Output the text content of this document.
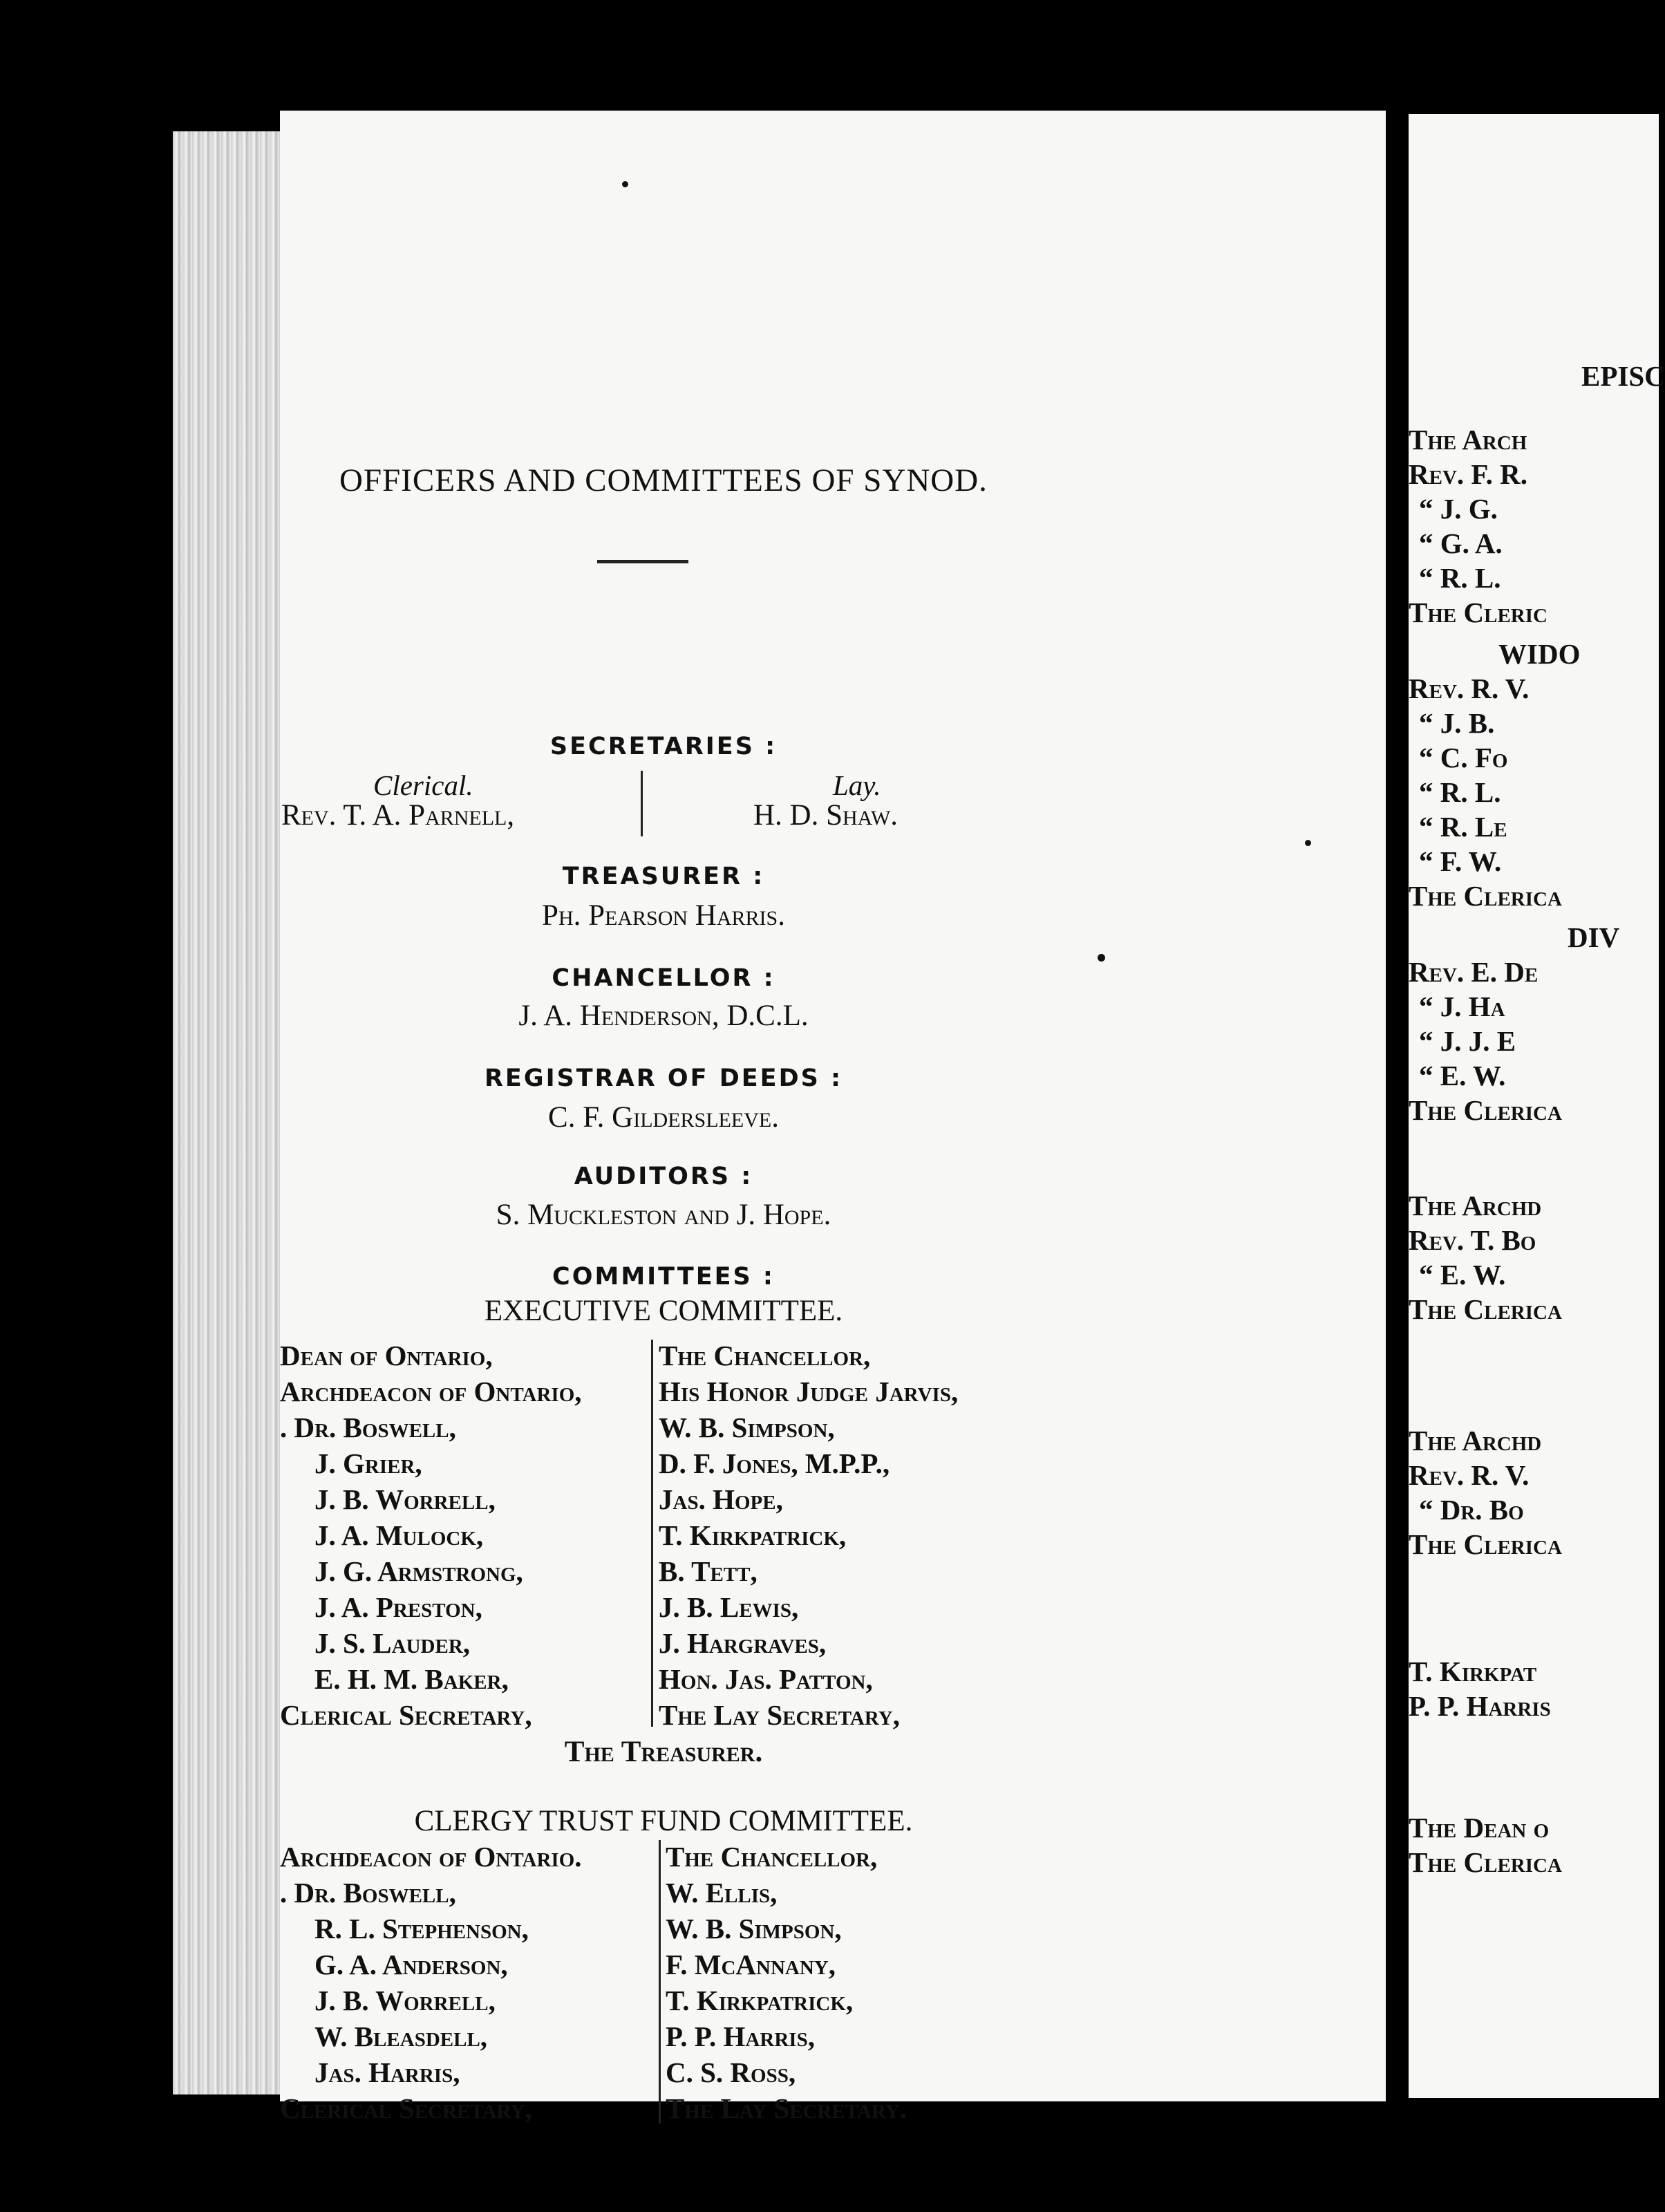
OFFICERS AND COMMITTEES OF SYNOD.
SECRETARIES :
Clerical.	Lay.
Rev. T. A. Parnell,	H. D. Shaw.
TREASURER :
Ph. Pearson Harris.
CHANCELLOR :
J. A. Henderson, D.C.L.
REGISTRAR OF DEEDS :
C. F. Gildersleeve.
AUDITORS :
S. Muckleston and J. Hope.
COMMITTEES :
EXECUTIVE COMMITTEE.
Dean of Ontario,
Archdeacon of Ontario,
. Dr. Boswell,
J. Grier,
J. B. Worrell,
J. A. Mulock,
J. G. Armstrong,
J. A. Preston,
J. S. Lauder,
E. H. M. Baker,
Clerical Secretary,
The Chancellor,
His Honor Judge Jarvis,
W. B. Simpson,
D. F. Jones, M.P.P.,
Jas. Hope,
T. Kirkpatrick,
B. Tett,
J. B. Lewis,
J. Hargraves,
Hon. Jas. Patton,
The Lay Secretary,
The Treasurer.
CLERGY TRUST FUND COMMITTEE.
Archdeacon of Ontario.
. Dr. Boswell,
R. L. Stephenson,
G. A. Anderson,
J. B. Worrell,
W. Bleasdell,
Jas. Harris,
Clerical Secretary,
The Chancellor,
W. Ellis,
W. B. Simpson,
F. McAnnany,
T. Kirkpatrick,
P. P. Harris,
C. S. Ross,
The Lay Secretary.
EPISC
The Arch
Rev. F. R.
“ J. G.
“ G. A.
“ R. L.
The Cleric
WIDO
Rev. R. V.
“ J. B.
“ C. Fo
“ R. L.
“ R. Le
“ F. W.
The Clerica
DIV
Rev. E. De
“ J. Ha
“ J. J. E
“ E. W.
The Clerica
The Archd
Rev. T. Bo
“ E. W.
The Clerica
The Archd
Rev. R. V.
“ Dr. Bo
The Clerica
T. Kirkpat
P. P. Harris
The Dean o
The Clerica
